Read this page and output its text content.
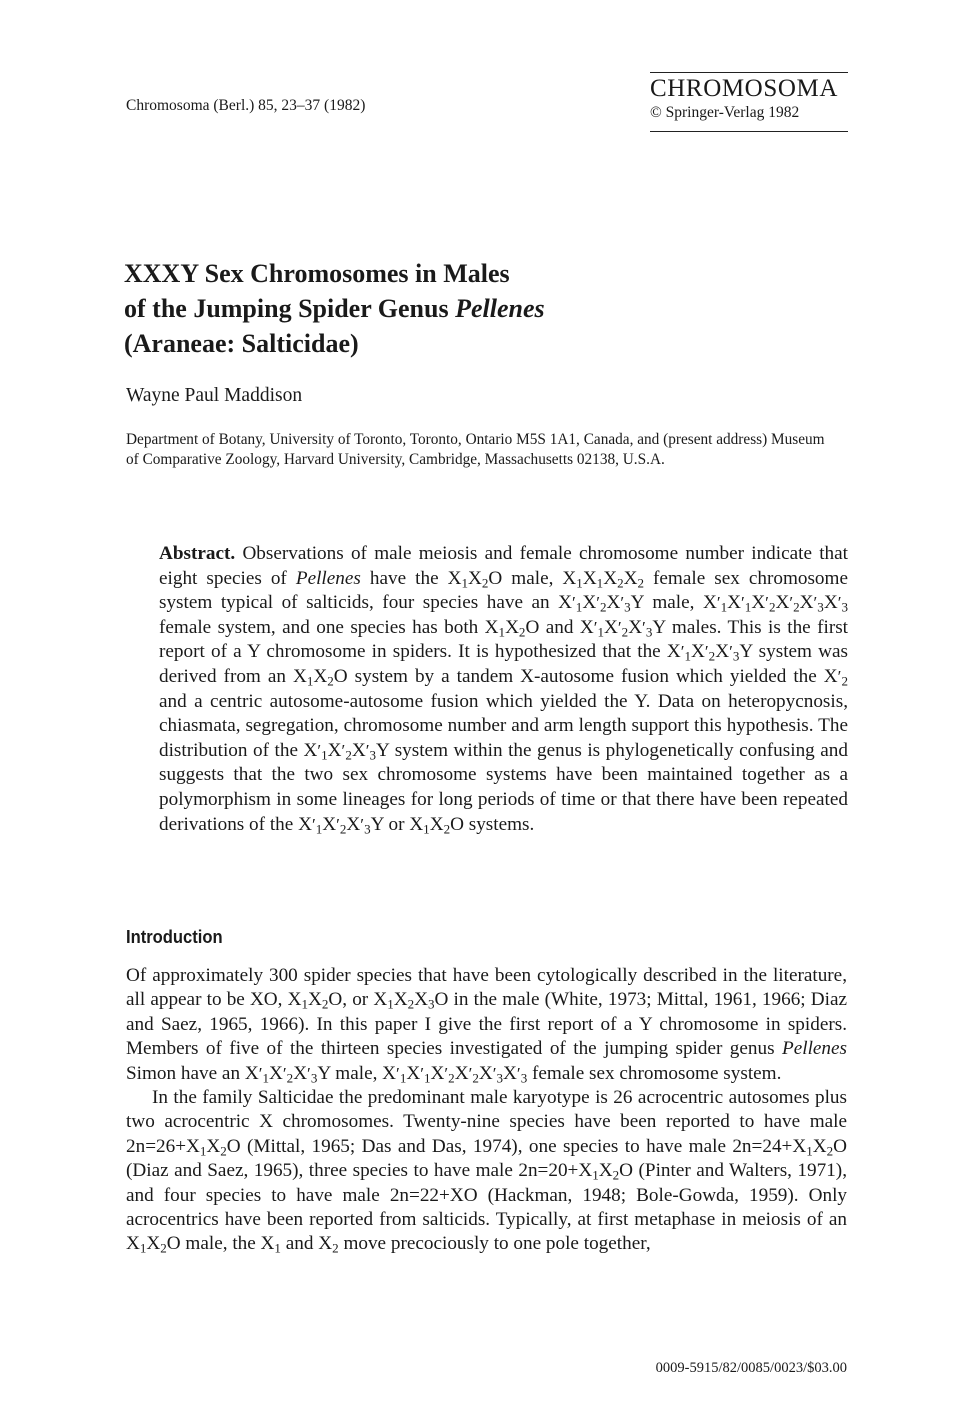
Chromosoma (Berl.) 85, 23–37 (1982)
CHROMOSOMA
© Springer-Verlag 1982
XXXY Sex Chromosomes in Males
of the Jumping Spider Genus Pellenes
(Araneae: Salticidae)
Wayne Paul Maddison
Department of Botany, University of Toronto, Toronto, Ontario M5S 1A1, Canada, and (present address) Museum of Comparative Zoology, Harvard University, Cambridge, Massachusetts 02138, U.S.A.
Abstract. Observations of male meiosis and female chromosome number indicate that eight species of Pellenes have the $X_1X_2O$ male, $X_1X_1X_2X_2$ female sex chromosome system typical of salticids, four species have an $X'_1X'_2X'_3Y$ male, $X'_1X'_1X'_2X'_2X'_3X'_3$ female system, and one species has both $X_1X_2O$ and $X'_1X'_2X'_3Y$ males. This is the first report of a Y chromosome in spiders. It is hypothesized that the $X'_1X'_2X'_3Y$ system was derived from an $X_1X_2O$ system by a tandem X-autosome fusion which yielded the $X'_2$ and a centric autosome-autosome fusion which yielded the Y. Data on heteropycnosis, chiasmata, segregation, chromosome number and arm length support this hypothesis. The distribution of the $X'_1X'_2X'_3Y$ system within the genus is phylogenetically confusing and suggests that the two sex chromosome systems have been maintained together as a polymorphism in some lineages for long periods of time or that there have been repeated derivations of the $X'_1X'_2X'_3Y$ or $X_1X_2O$ systems.
Introduction

Of approximately 300 spider species that have been cytologically described in the literature, all appear to be XO, $X_1X_2O$, or $X_1X_2X_3O$ in the male (White, 1973; Mittal, 1961, 1966; Diaz and Saez, 1965, 1966). In this paper I give the first report of a Y chromosome in spiders. Members of five of the thirteen species investigated of the jumping spider genus Pellenes Simon have an $X'_1X'_2X'_3Y$ male, $X'_1X'_1X'_2X'_2X'_3X'_3$ female sex chromosome system.

In the family Salticidae the predominant male karyotype is 26 acrocentric autosomes plus two acrocentric X chromosomes. Twenty-nine species have been reported to have male $2n=26+X_1X_2O$ (Mittal, 1965; Das and Das, 1974), one species to have male $2n=24+X_1X_2O$ (Diaz and Saez, 1965), three species to have male $2n=20+X_1X_2O$ (Pinter and Walters, 1971), and four species to have male 2n=22+XO (Hackman, 1948; Bole-Gowda, 1959). Only acrocentrics have been reported from salticids. Typically, at first metaphase in meiosis of an $X_1X_2O$ male, the $X_1$ and $X_2$ move precociously to one pole together,

0009-5915/82/0085/0023/$03.00
